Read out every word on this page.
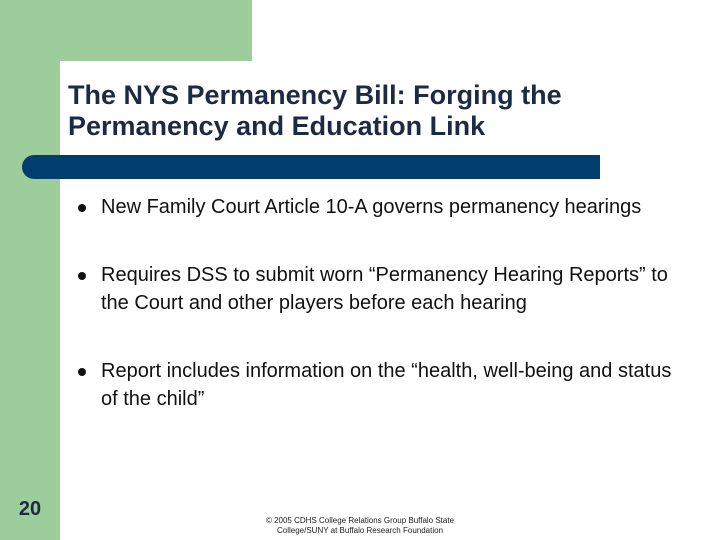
The NYS Permanency Bill: Forging the Permanency and Education Link
New Family Court Article 10-A governs permanency hearings
Requires DSS to submit worn “Permanency Hearing Reports” to the Court and other players before each hearing
Report includes information on the “health, well-being and status of the child”
20
© 2005 CDHS College Relations Group Buffalo State
College/SUNY at Buffalo Research Foundation
